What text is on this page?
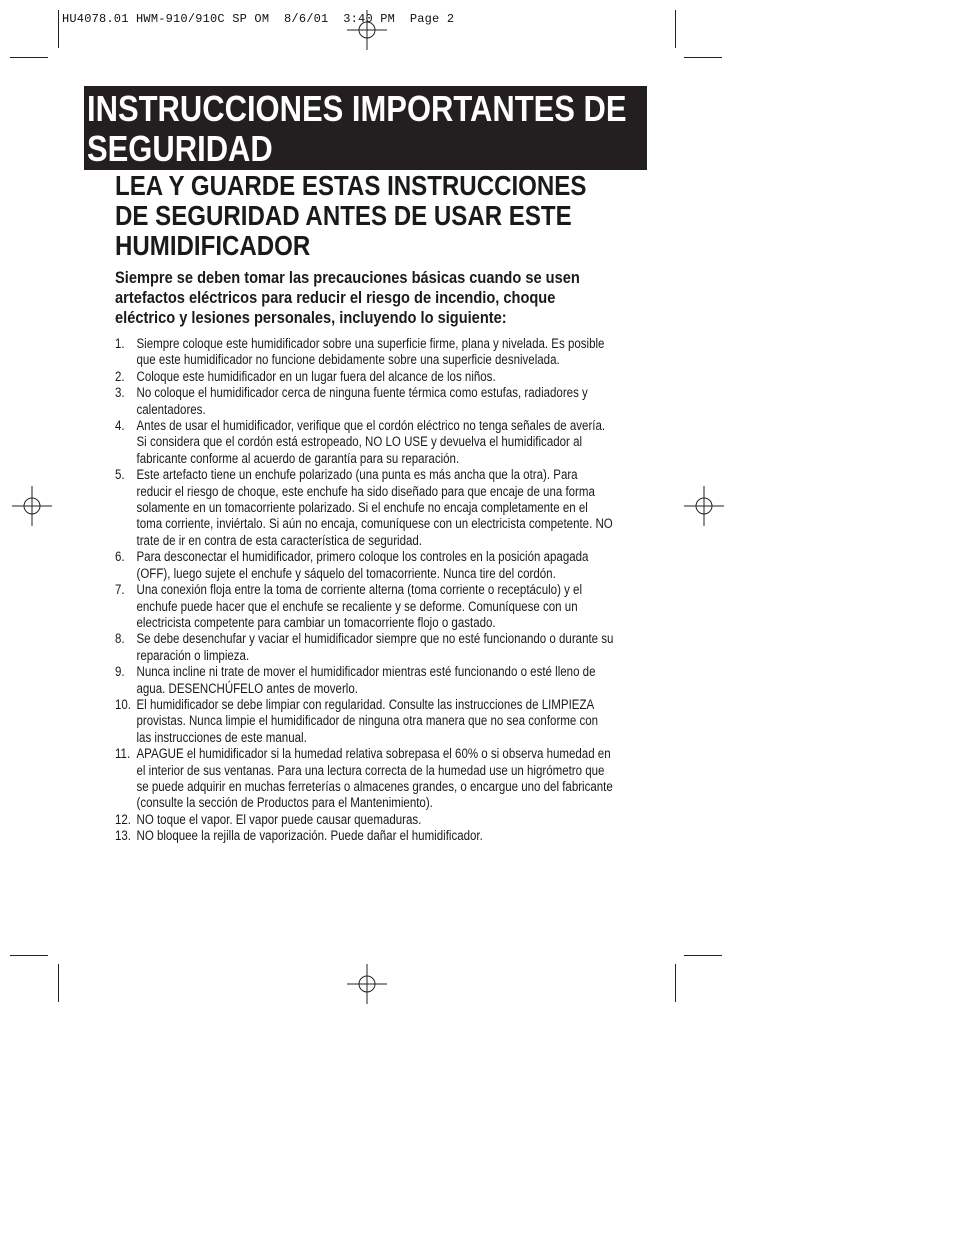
HU4078.01 HWM-910/910C SP OM  8/6/01  3:40 PM  Page 2
INSTRUCCIONES IMPORTANTES DE
SEGURIDAD
LEA Y GUARDE ESTAS INSTRUCCIONES DE SEGURIDAD ANTES DE USAR ESTE HUMIDIFICADOR

Siempre se deben tomar las precauciones básicas cuando se usen artefactos eléctricos para reducir el riesgo de incendio, choque eléctrico y lesiones personales, incluyendo lo siguiente:

1. Siempre coloque este humidificador sobre una superficie firme, plana y nivelada. Es posible que este humidificador no funcione debidamente sobre una superficie desnivelada.
2. Coloque este humidificador en un lugar fuera del alcance de los niños.
3. No coloque el humidificador cerca de ninguna fuente térmica como estufas, radiadores y calentadores.
4. Antes de usar el humidificador, verifique que el cordón eléctrico no tenga señales de avería. Si considera que el cordón está estropeado, NO LO USE y devuelva el humidificador al fabricante conforme al acuerdo de garantía para su reparación.
5. Este artefacto tiene un enchufe polarizado (una punta es más ancha que la otra). Para reducir el riesgo de choque, este enchufe ha sido diseñado para que encaje de una forma solamente en un tomacorriente polarizado. Si el enchufe no encaja completamente en el toma corriente, inviértalo. Si aún no encaja, comuníquese con un electricista competente. NO trate de ir en contra de esta característica de seguridad.
6. Para desconectar el humidificador, primero coloque los controles en la posición apagada (OFF), luego sujete el enchufe y sáquelo del tomacorriente. Nunca tire del cordón.
7. Una conexión floja entre la toma de corriente alterna (toma corriente o receptáculo) y el enchufe puede hacer que el enchufe se recaliente y se deforme. Comuníquese con un electricista competente para cambiar un tomacorriente flojo o gastado.
8. Se debe desenchufar y vaciar el humidificador siempre que no esté funcionando o durante su reparación o limpieza.
9. Nunca incline ni trate de mover el humidificador mientras esté funcionando o esté lleno de agua. DESENCHÚFELO antes de moverlo.
10. El humidificador se debe limpiar con regularidad. Consulte las instrucciones de LIMPIEZA provistas. Nunca limpie el humidificador de ninguna otra manera que no sea conforme con las instrucciones de este manual.
11. APAGUE el humidificador si la humedad relativa sobrepasa el 60% o si observa humedad en el interior de sus ventanas. Para una lectura correcta de la humedad use un higrómetro que se puede adquirir en muchas ferreterías o almacenes grandes, o encargue uno del fabricante (consulte la sección de Productos para el Mantenimiento).
12. NO toque el vapor. El vapor puede causar quemaduras.
13. NO bloquee la rejilla de vaporización. Puede dañar el humidificador.
